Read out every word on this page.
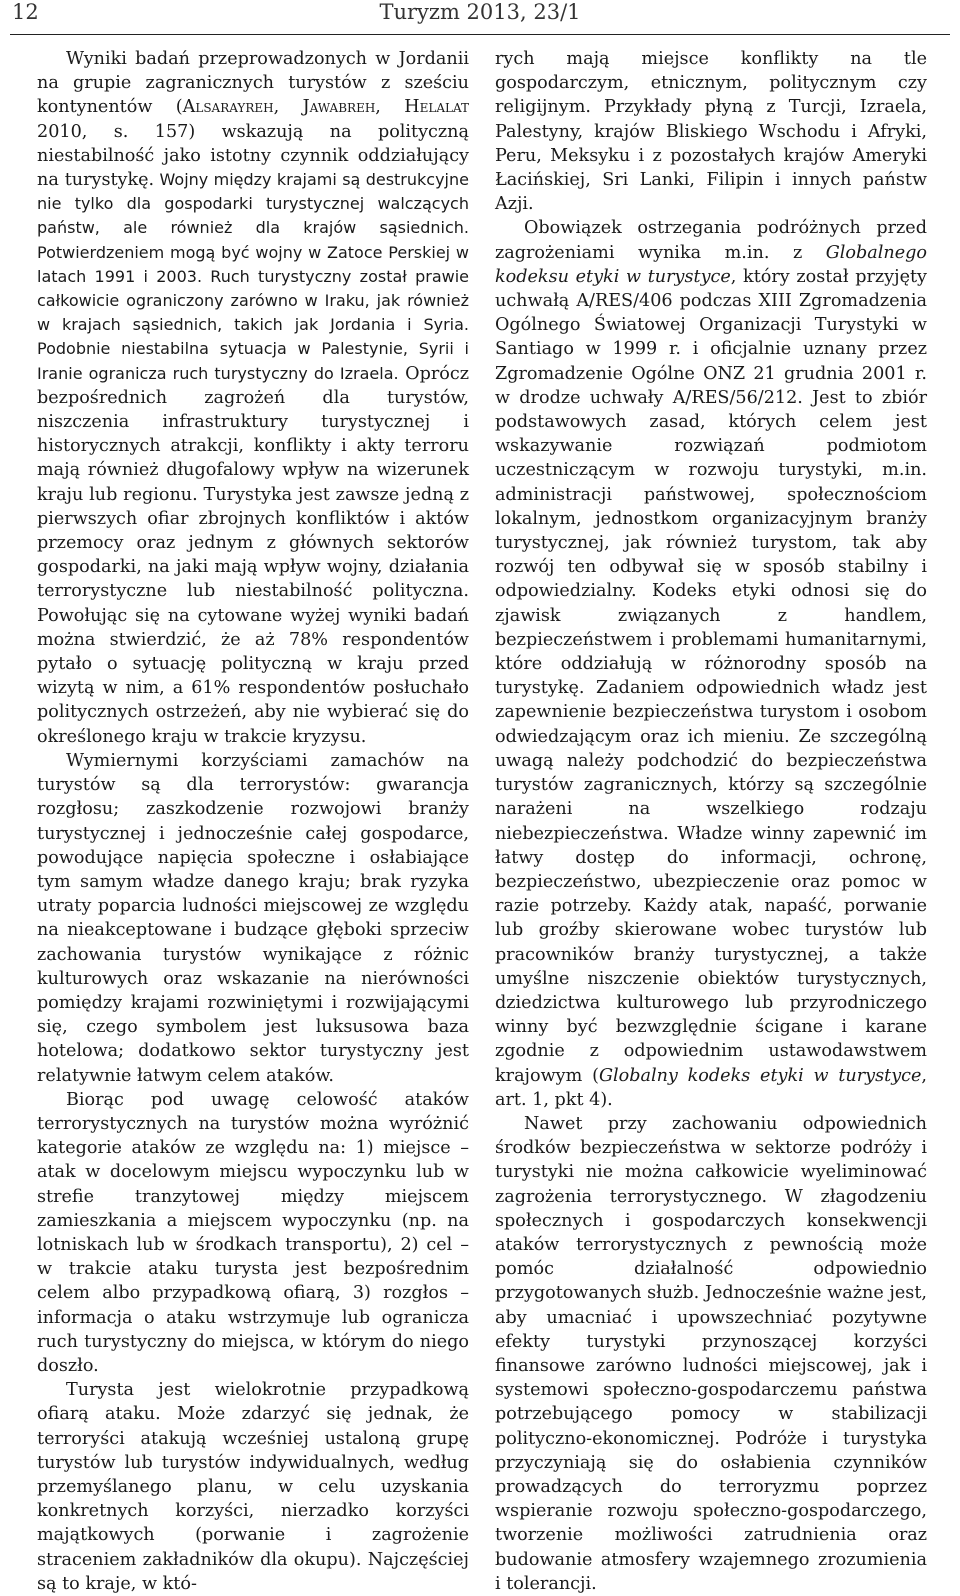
12	Turyzm 2013, 23/1

Wyniki badań przeprowadzonych w Jordanii na grupie zagranicznych turystów z sześciu kontynentów (Alsarayreh, Jawabreh, Helalat 2010, s. 157) wskazują na polityczną niestabilność jako istotny czynnik oddziałujący na turystykę. Wojny między krajami są destrukcyjne nie tylko dla gospodarki turystycznej walczących państw, ale również dla krajów sąsiednich. Potwierdzeniem mogą być wojny w Zatoce Perskiej w latach 1991 i 2003. Ruch turystyczny został prawie całkowicie ograniczony zarówno w Iraku, jak również w krajach sąsiednich, takich jak Jordania i Syria. Podobnie niestabilna sytuacja w Palestynie, Syrii i Iranie ogranicza ruch turystyczny do Izraela. Oprócz bezpośrednich zagrożeń dla turystów, niszczenia infrastruktury turystycznej i historycznych atrakcji, konflikty i akty terroru mają również długofalowy wpływ na wizerunek kraju lub regionu. Turystyka jest zawsze jedną z pierwszych ofiar zbrojnych konfliktów i aktów przemocy oraz jednym z głównych sektorów gospodarki, na jaki mają wpływ wojny, działania terrorystyczne lub niestabilność polityczna. Powołując się na cytowane wyżej wyniki badań można stwierdzić, że aż 78% respondentów pytało o sytuację polityczną w kraju przed wizytą w nim, a 61% respondentów posłuchało politycznych ostrzeżeń, aby nie wybierać się do określonego kraju w trakcie kryzysu.

Wymiernymi korzyściami zamachów na turystów są dla terrorystów: gwarancja rozgłosu; zaszkodzenie rozwojowi branży turystycznej i jednocześnie całej gospodarce, powodujące napięcia społeczne i osłabiające tym samym władze danego kraju; brak ryzyka utraty poparcia ludności miejscowej ze względu na nieakceptowane i budzące głęboki sprzeciw zachowania turystów wynikające z różnic kulturowych oraz wskazanie na nierówności pomiędzy krajami rozwiniętymi i rozwijającymi się, czego symbolem jest luksusowa baza hotelowa; dodatkowo sektor turystyczny jest relatywnie łatwym celem ataków.

Biorąc pod uwagę celowość ataków terrorystycznych na turystów można wyróżnić kategorie ataków ze względu na: 1) miejsce – atak w docelowym miejscu wypoczynku lub w strefie tranzytowej między miejscem zamieszkania a miejscem wypoczynku (np. na lotniskach lub w środkach transportu), 2) cel – w trakcie ataku turysta jest bezpośrednim celem albo przypadkową ofiarą, 3) rozgłos – informacja o ataku wstrzymuje lub ogranicza ruch turystyczny do miejsca, w którym do niego doszło.

Turysta jest wielokrotnie przypadkową ofiarą ataku. Może zdarzyć się jednak, że terroryści atakują wcześniej ustaloną grupę turystów lub turystów indywidualnych, według przemyślanego planu, w celu uzyskania konkretnych korzyści, nierzadko korzyści majątkowych (porwanie i zagrożenie straceniem zakładników dla okupu). Najczęściej są to kraje, w któ-

rych mają miejsce konflikty na tle gospodarczym, etnicznym, politycznym czy religijnym. Przykłady płyną z Turcji, Izraela, Palestyny, krajów Bliskiego Wschodu i Afryki, Peru, Meksyku i z pozostałych krajów Ameryki Łacińskiej, Sri Lanki, Filipin i innych państw Azji.

Obowiązek ostrzegania podróżnych przed zagrożeniami wynika m.in. z Globalnego kodeksu etyki w turystyce, który został przyjęty uchwałą A/RES/406 podczas XIII Zgromadzenia Ogólnego Światowej Organizacji Turystyki w Santiago w 1999 r. i oficjalnie uznany przez Zgromadzenie Ogólne ONZ 21 grudnia 2001 r. w drodze uchwały A/RES/56/212. Jest to zbiór podstawowych zasad, których celem jest wskazywanie rozwiązań podmiotom uczestniczącym w rozwoju turystyki, m.in. administracji państwowej, społecznościom lokalnym, jednostkom organizacyjnym branży turystycznej, jak również turystom, tak aby rozwój ten odbywał się w sposób stabilny i odpowiedzialny. Kodeks etyki odnosi się do zjawisk związanych z handlem, bezpieczeństwem i problemami humanitarnymi, które oddziałują w różnorodny sposób na turystykę. Zadaniem odpowiednich władz jest zapewnienie bezpieczeństwa turystom i osobom odwiedzającym oraz ich mieniu. Ze szczególną uwagą należy podchodzić do bezpieczeństwa turystów zagranicznych, którzy są szczególnie narażeni na wszelkiego rodzaju niebezpieczeństwa. Władze winny zapewnić im łatwy dostęp do informacji, ochronę, bezpieczeństwo, ubezpieczenie oraz pomoc w razie potrzeby. Każdy atak, napaść, porwanie lub groźby skierowane wobec turystów lub pracowników branży turystycznej, a także umyślne niszczenie obiektów turystycznych, dziedzictwa kulturowego lub przyrodniczego winny być bezwzględnie ścigane i karane zgodnie z odpowiednim ustawodawstwem krajowym (Globalny kodeks etyki w turystyce, art. 1, pkt 4).

Nawet przy zachowaniu odpowiednich środków bezpieczeństwa w sektorze podróży i turystyki nie można całkowicie wyeliminować zagrożenia terrorystycznego. W złagodzeniu społecznych i gospodarczych konsekwencji ataków terrorystycznych z pewnością może pomóc działalność odpowiednio przygotowanych służb. Jednocześnie ważne jest, aby umacniać i upowszechniać pozytywne efekty turystyki przynoszącej korzyści finansowe zarówno ludności miejscowej, jak i systemowi społeczno-gospodarczemu państwa potrzebującego pomocy w stabilizacji polityczno-ekonomicznej. Podróże i turystyka przyczyniają się do osłabienia czynników prowadzących do terroryzmu poprzez wspieranie rozwoju społeczno-gospodarczego, tworzenie możliwości zatrudnienia oraz budowanie atmosfery wzajemnego zrozumienia i tolerancji.
